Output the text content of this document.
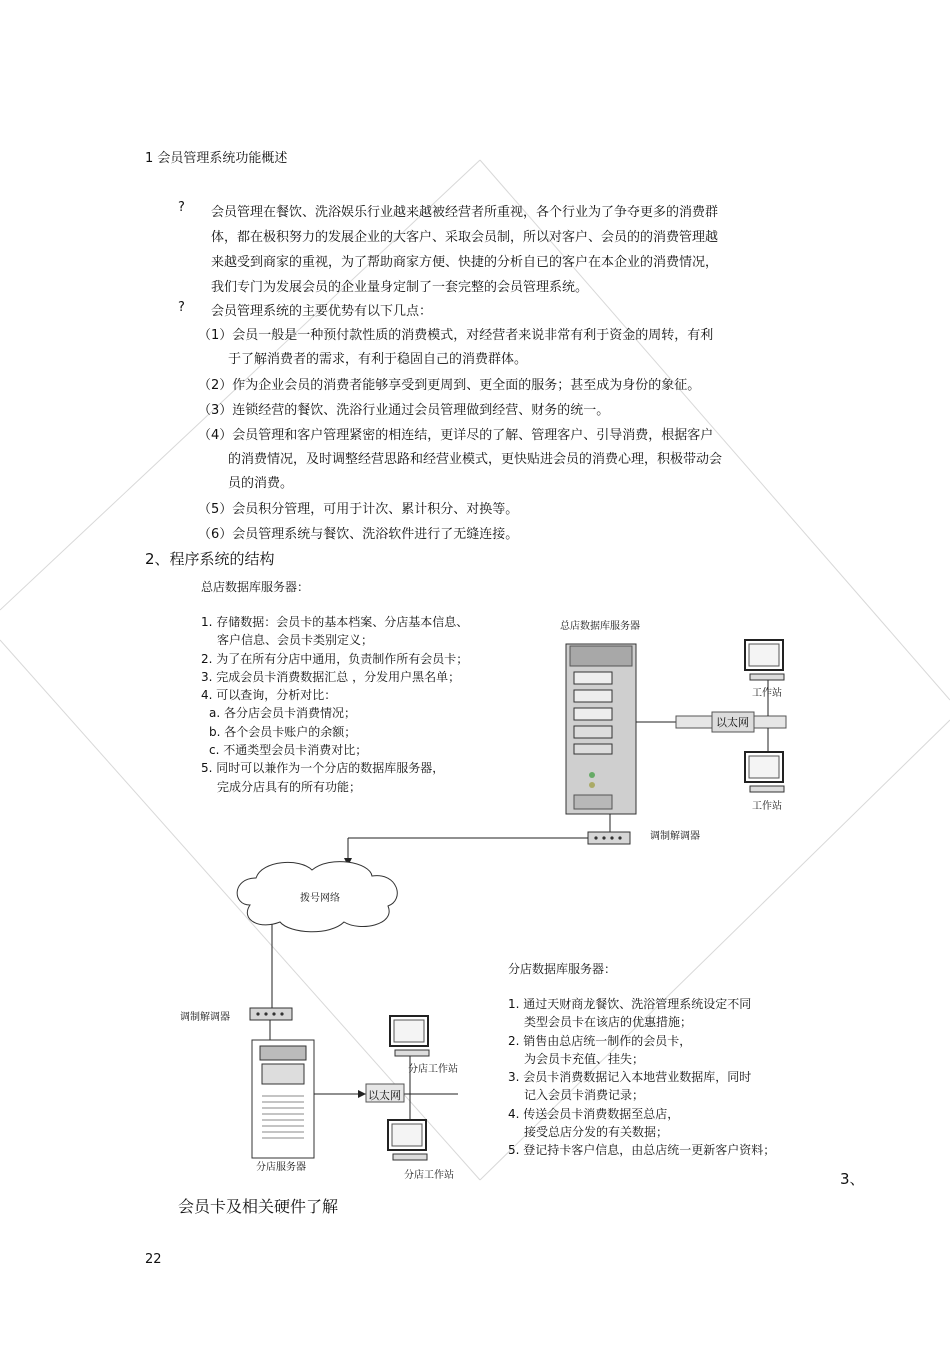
1 会员管理系统功能概述
? 会员管理在餐饮、洗浴娱乐行业越来越被经营者所重视，各个行业为了争夺更多的消费群
体，都在极积努力的发展企业的大客户、采取会员制，所以对客户、会员的的消费管理越
来越受到商家的重视，为了帮助商家方便、快捷的分析自已的客户在本企业的消费情况，
我们专门为发展会员的企业量身定制了一套完整的会员管理系统。
? 会员管理系统的主要优势有以下几点：
（1）会员一般是一种预付款性质的消费模式，对经营者来说非常有利于资金的周转，有利
于了解消费者的需求，有利于稳固自己的消费群体。
（2）作为企业会员的消费者能够享受到更周到、更全面的服务；甚至成为身份的象征。
（3）连锁经营的餐饮、洗浴行业通过会员管理做到经营、财务的统一。
（4）会员管理和客户管理紧密的相连结，更详尽的了解、管理客户、引导消费，根据客户
的消费情况，及时调整经营思路和经营业模式，更快贴进会员的消费心理，积极带动会
员的消费。
（5）会员积分管理，可用于计次、累计积分、对换等。
（6）会员管理系统与餐饮、洗浴软件进行了无缝连接。
2、程序系统的结构
总店数据库服务器：
1. 存储数据：会员卡的基本档案、分店基本信息、
客户信息、会员卡类别定义；
2. 为了在所有分店中通用，负责制作所有会员卡；
3. 完成会员卡消费数据汇总 ，分发用户黑名单；
4. 可以查询，分析对比：
a. 各分店会员卡消费情况；
b. 各个会员卡账户的余额；
c. 不通类型会员卡消费对比；
5. 同时可以兼作为一个分店的数据库服务器，
完成分店具有的所有功能；
总店数据库服务器
工作站
以太网
工作站
调制解调器
拨号网络
调制解调器
分店服务器
以太网
分店工作站
分店工作站
分店数据库服务器：
1. 通过天财商龙餐饮、洗浴管理系统设定不同
类型会员卡在该店的优惠措施；
2. 销售由总店统一制作的会员卡，
为会员卡充值、挂失；
3. 会员卡消费数据记入本地营业数据库，同时
记入会员卡消费记录；
4. 传送会员卡消费数据至总店，
接受总店分发的有关数据；
5. 登记持卡客户信息，由总店统一更新客户资料；
3、
会员卡及相关硬件了解
22
